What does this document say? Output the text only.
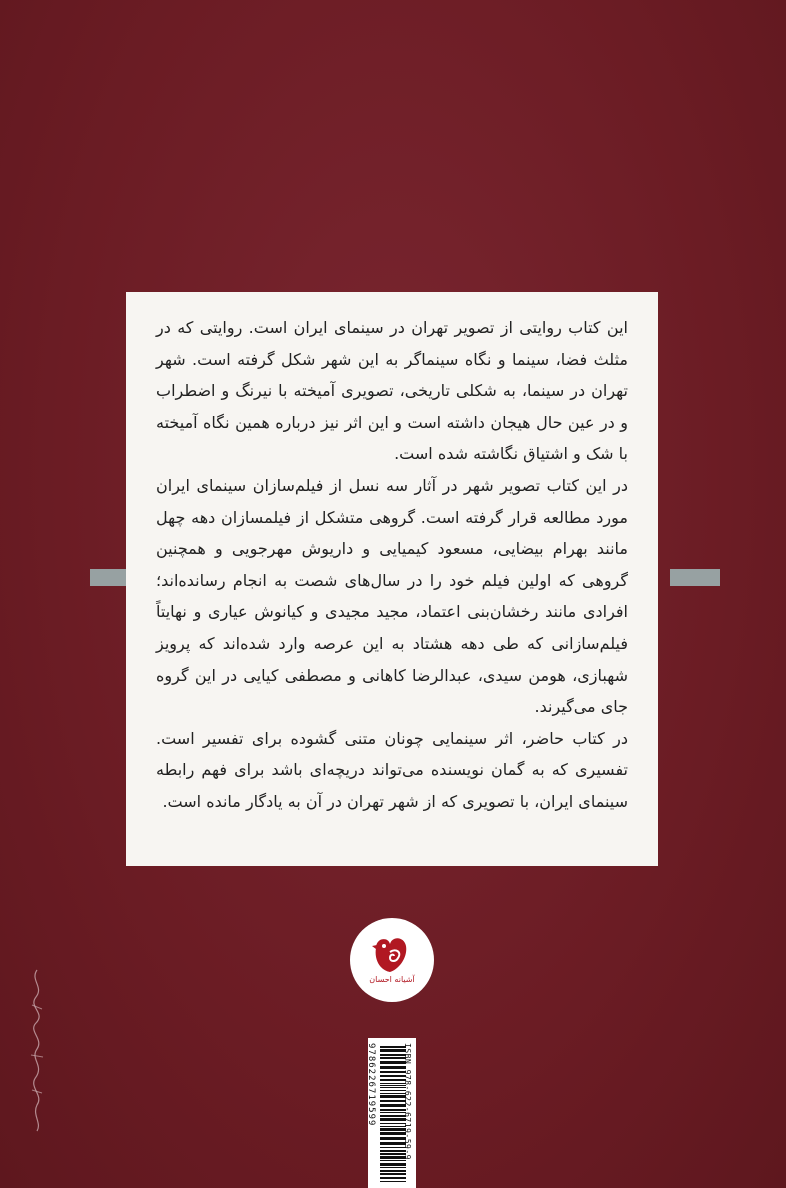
این کتاب روایتی از تصویر تهران در سینمای ایران است. روایتی که در مثلث فضا، سینما و نگاه سینماگر به این شهر شکل گرفته است. شهر تهران در سینما، به شکلی تاریخی، تصویری آمیخته با نیرنگ و اضطراب و در عین حال هیجان داشته است و این اثر نیز درباره همین نگاه آمیخته با شک و اشتیاق نگاشته شده است.

در این کتاب تصویر شهر در آثار سه نسل از فیلم‌سازان سینمای ایران مورد مطالعه قرار گرفته است. گروهی متشکل از فیلمسازان دهه چهل مانند بهرام بیضایی، مسعود کیمیایی و داریوش مهرجویی و همچنین گروهی که اولین فیلم خود را در سال‌های شصت به انجام رسانده‌اند؛ افرادی مانند رخشان‌بنی اعتماد، مجید مجیدی و کیانوش عیاری و نهایتاً فیلم‌سازانی که طی دهه هشتاد به این عرصه وارد شده‌اند که پرویز شهبازی، هومن سیدی، عبدالرضا کاهانی و مصطفی کیایی در این گروه جای می‌گیرند.

در کتاب حاضر، اثر سینمایی چونان متنی گشوده برای تفسیر است. تفسیری که به گمان نویسنده می‌تواند دریچه‌ای باشد برای فهم رابطه سینمای ایران، با تصویری که از شهر تهران در آن به یادگار مانده است.

آشیانه احسان
ISBN 978-622-6719-59-9
9786226719599
